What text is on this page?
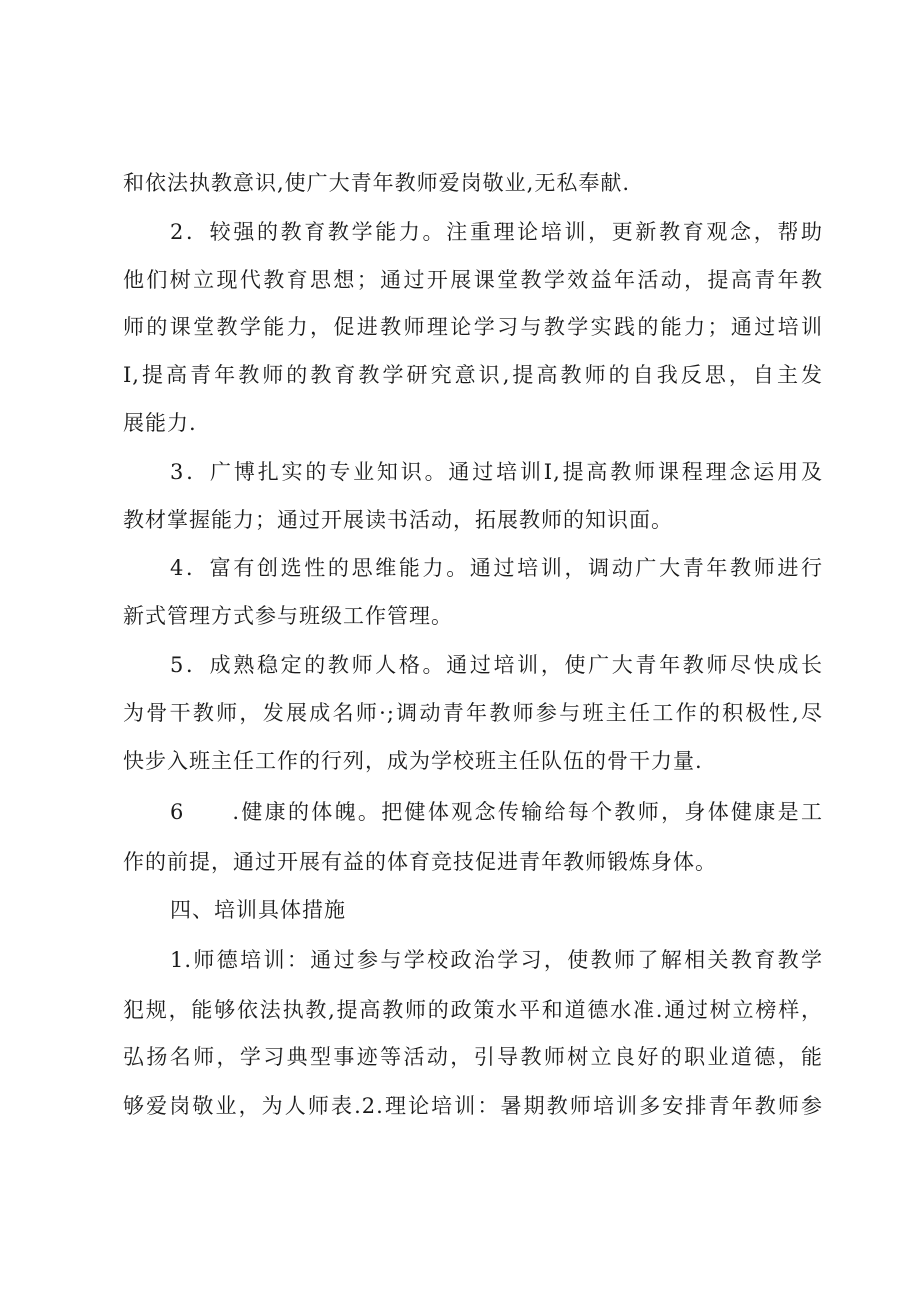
和依法执教意识,使广大青年教师爱岗敬业,无私奉献.
2．较强的教育教学能力。注重理论培训，更新教育观念，帮助
他们树立现代教育思想；通过开展课堂教学效益年活动，提高青年教
师的课堂教学能力，促进教师理论学习与教学实践的能力；通过培训
I,提高青年教师的教育教学研究意识,提高教师的自我反思，自主发
展能力.
3．广博扎实的专业知识。通过培训I,提高教师课程理念运用及
教材掌握能力；通过开展读书活动，拓展教师的知识面。
4．富有创选性的思维能力。通过培训，调动广大青年教师进行
新式管理方式参与班级工作管理。
5．成熟稳定的教师人格。通过培训，使广大青年教师尽快成长
为骨干教师，发展成名师·;调动青年教师参与班主任工作的积极性,尽
快步入班主任工作的行列，成为学校班主任队伍的骨干力量.
6　　.健康的体魄。把健体观念传输给每个教师，身体健康是工
作的前提，通过开展有益的体育竞技促进青年教师锻炼身体。
四、培训具体措施
1.师德培训：通过参与学校政治学习，使教师了解相关教育教学
犯规，能够依法执教,提高教师的政策水平和道德水准.通过树立榜样，
弘扬名师，学习典型事迹等活动，引导教师树立良好的职业道德，能
够爱岗敬业，为人师表.2.理论培训：暑期教师培训多安排青年教师参
